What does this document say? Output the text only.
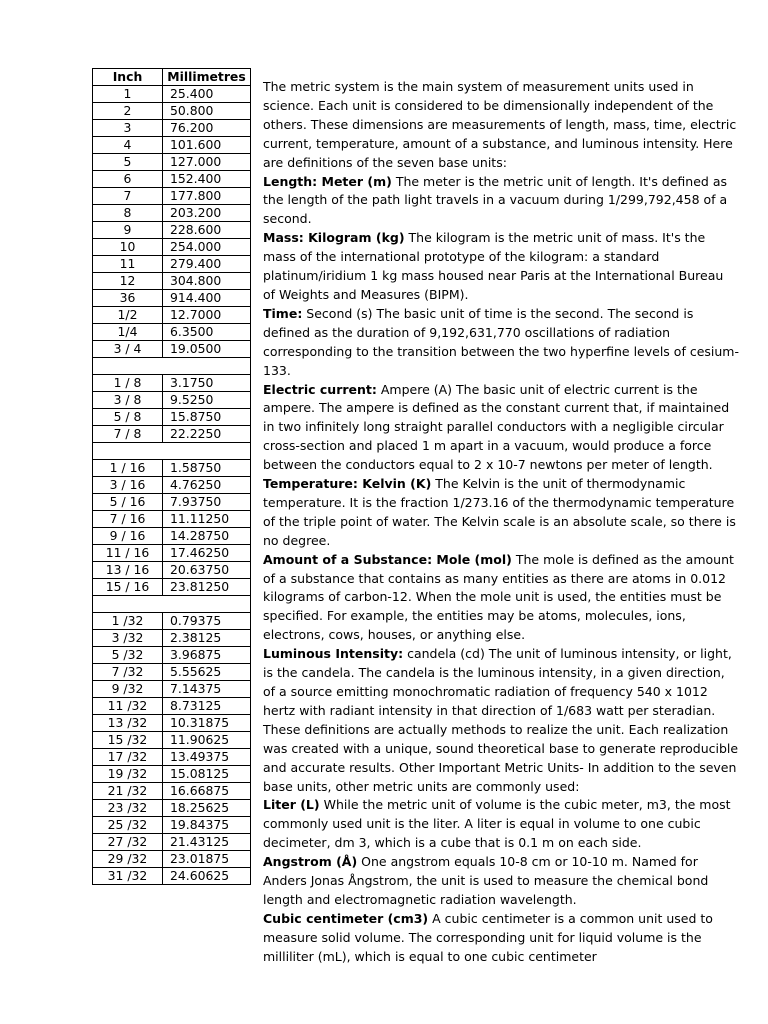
Inch	Millimetres
1	25.400
2	50.800
3	76.200
4	101.600
5	127.000
6	152.400
7	177.800
8	203.200
9	228.600
10	254.000
11	279.400
12	304.800
36	914.400
1/2	12.7000
1/4	6.3500
3 / 4	19.0500

1 / 8	3.1750
3 / 8	9.5250
5 / 8	15.8750
7 / 8	22.2250

1 / 16	1.58750
3 / 16	4.76250
5 / 16	7.93750
7 / 16	11.11250
9 / 16	14.28750
11 / 16	17.46250
13 / 16	20.63750
15 / 16	23.81250

1 /32	0.79375
3 /32	2.38125
5 /32	3.96875
7 /32	5.55625
9 /32	7.14375
11 /32	8.73125
13 /32	10.31875
15 /32	11.90625
17 /32	13.49375
19 /32	15.08125
21 /32	16.66875
23 /32	18.25625
25 /32	19.84375
27 /32	21.43125
29 /32	23.01875
31 /32	24.60625

The metric system is the main system of measurement units used in science. Each unit is considered to be dimensionally independent of the others. These dimensions are measurements of length, mass, time, electric current, temperature, amount of a substance, and luminous intensity. Here are definitions of the seven base units:

Length: Meter (m) The meter is the metric unit of length. It's defined as the length of the path light travels in a vacuum during 1/299,792,458 of a second.

Mass: Kilogram (kg) The kilogram is the metric unit of mass. It's the mass of the international prototype of the kilogram: a standard platinum/iridium 1 kg mass housed near Paris at the International Bureau of Weights and Measures (BIPM).

Time: Second (s) The basic unit of time is the second. The second is defined as the duration of 9,192,631,770 oscillations of radiation corresponding to the transition between the two hyperfine levels of cesium-133.

Electric current: Ampere (A) The basic unit of electric current is the ampere. The ampere is defined as the constant current that, if maintained in two infinitely long straight parallel conductors with a negligible circular cross-section and placed 1 m apart in a vacuum, would produce a force between the conductors equal to 2 x 10-7 newtons per meter of length.

Temperature: Kelvin (K) The Kelvin is the unit of thermodynamic temperature. It is the fraction 1/273.16 of the thermodynamic temperature of the triple point of water. The Kelvin scale is an absolute scale, so there is no degree.

Amount of a Substance: Mole (mol) The mole is defined as the amount of a substance that contains as many entities as there are atoms in 0.012 kilograms of carbon-12. When the mole unit is used, the entities must be specified. For example, the entities may be atoms, molecules, ions, electrons, cows, houses, or anything else.

Luminous Intensity: candela (cd) The unit of luminous intensity, or light, is the candela. The candela is the luminous intensity, in a given direction, of a source emitting monochromatic radiation of frequency 540 x 1012 hertz with radiant intensity in that direction of 1/683 watt per steradian.

These definitions are actually methods to realize the unit. Each realization was created with a unique, sound theoretical base to generate reproducible and accurate results. Other Important Metric Units- In addition to the seven base units, other metric units are commonly used:

Liter (L) While the metric unit of volume is the cubic meter, m3, the most commonly used unit is the liter. A liter is equal in volume to one cubic decimeter, dm 3, which is a cube that is 0.1 m on each side.

Angstrom (Å) One angstrom equals 10-8 cm or 10-10 m. Named for Anders Jonas Ångstrom, the unit is used to measure the chemical bond length and electromagnetic radiation wavelength.

Cubic centimeter (cm3) A cubic centimeter is a common unit used to measure solid volume. The corresponding unit for liquid volume is the milliliter (mL), which is equal to one cubic centimeter
